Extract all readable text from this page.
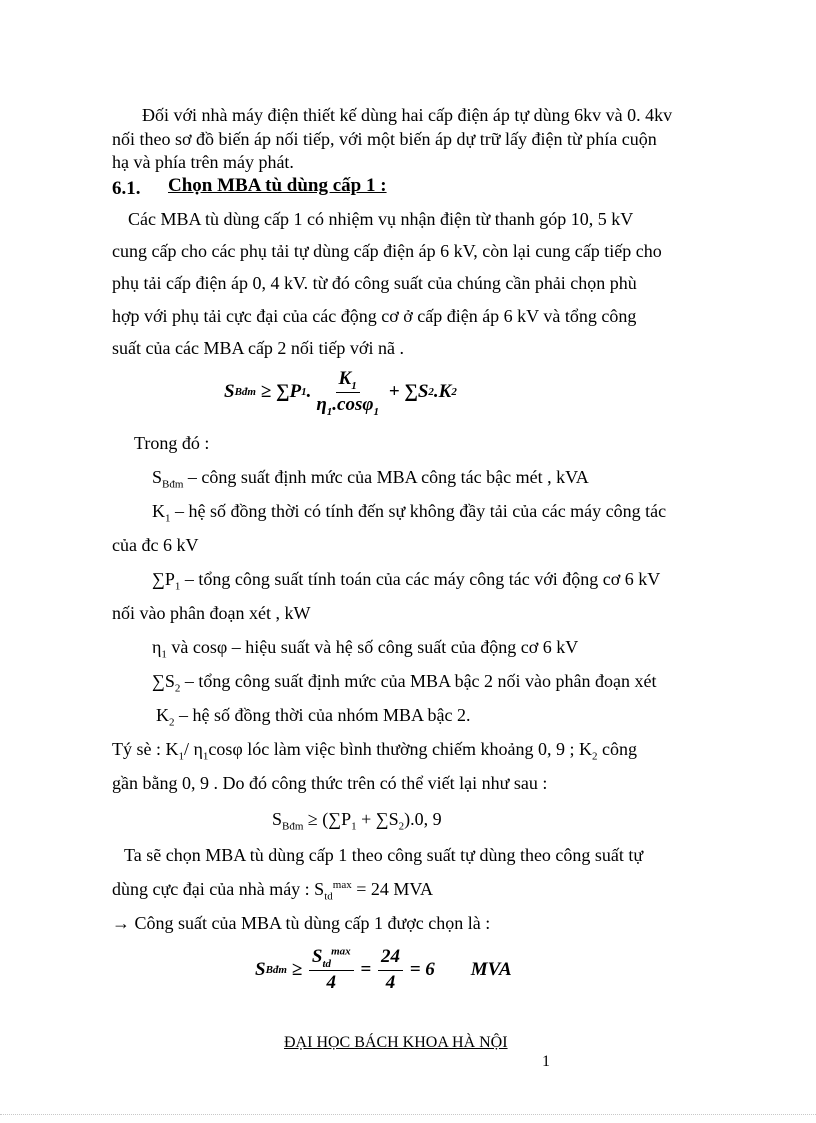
Đối với nhà máy điện thiết kế dùng hai cấp điện áp tự dùng 6kv và 0. 4kv
nối theo sơ đồ biến áp nối tiếp, với một biến áp dự trữ lấy điện từ phía cuộn
hạ và phía trên máy phát.
6.1. Chọn MBA tù dùng cấp 1 :
Các MBA tù dùng cấp 1 có nhiệm vụ nhận điện từ thanh góp 10, 5 kV
cung cấp cho các phụ tải tự dùng cấp điện áp 6 kV, còn lại cung cấp tiếp cho
phụ tải cấp điện áp 0, 4 kV. từ đó công suất của chúng cần phải chọn phù
hợp với phụ tải cực đại của các động cơ ở cấp điện áp 6 kV và tổng công
suất của các MBA cấp 2 nối tiếp với nã .
S Bđm ≥ ∑P 1 . $\frac{K_1}{\eta_1.\cos\varphi_1} + \sum S$ 2 .K 2
Trong đó :
$S_{Bđm}$ – công suất định mức của MBA công tác bậc mét , kVA
$K_1$ – hệ số đồng thời có tính đến sự không đầy tải của các máy công tác
của đc 6 kV
$\sum P_1$ – tổng công suất tính toán của các máy công tác với động cơ 6 kV
nối vào phân đoạn xét , kW
$\eta_1$ và cosφ – hiệu suất và hệ số công suất của động cơ 6 kV
$\sum S_2$ – tổng công suất định mức của MBA bậc 2 nối vào phân đoạn xét
$K_2$ – hệ số đồng thời của nhóm MBA bậc 2.
Tý sè : $K_1/$ $\eta_1\cos\varphi$ lóc làm việc bình thường chiếm khoảng 0, 9 ; $K_2$ công
gần bằng 0, 9 . Do đó công thức trên có thể viết lại như sau :
$S_{Bđm} \ge (\sum P_1 + \sum S_2).0$, 9
Ta sẽ chọn MBA tù dùng cấp 1 theo công suất tự dùng theo công suất tự
dùng cực đại của nhà máy : $S_{td}^{max} = 24$ MVA
→ Công suất của MBA tù dùng cấp 1 được chọn là :
S Bđm ≥ $\frac{S_{td}^{max}}{4} = \frac{24}{4} = 6$ MVA
ĐẠI HỌC BÁCH KHOA HÀ NỘI
1
